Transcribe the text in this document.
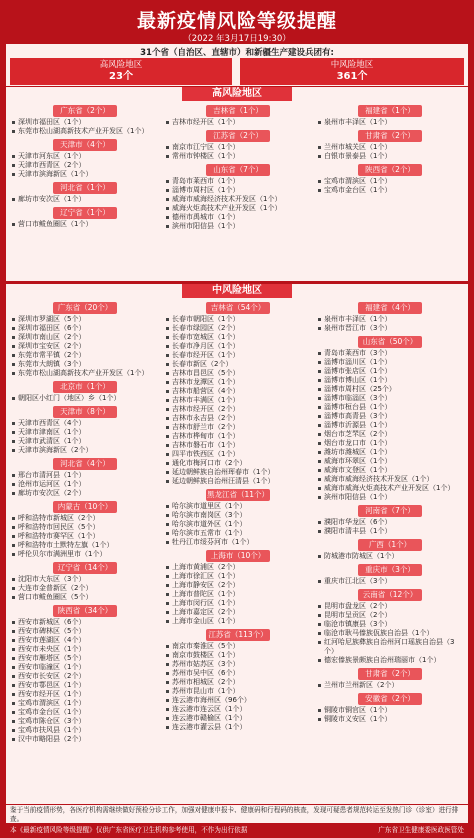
最新疫情风险等级提醒
（2022 年3月17日19:30）
31个省（自治区、直辖市）和新疆生产建设兵团有:
高风险地区
23个
中风险地区
361个
高风险地区
广东省（2个）
深圳市福田区（1个）
东莞市松山湖高新技术产业开发区（1个）
天津市（4个）
天津市河东区（1个）
天津市西青区（2个）
天津市滨海新区（1个）
河北省（1个）
廊坊市安次区（1个）
辽宁省（1个）
营口市鲅鱼圈区（1个）
吉林省（1个）
吉林市经开区（1个）
江苏省（2个）
南京市江宁区（1个）
常州市钟楼区（1个）
山东省（7个）
青岛市莱西市（1个）
淄博市周村区（1个）
威海市威海经济技术开发区（1个）
威海火炬高技术产业开发区（1个）
德州市禹城市（1个）
滨州市阳信县（1个）
福建省（1个）
泉州市丰泽区（1个）
甘肃省（2个）
兰州市城关区（1个）
白银市景泰县（1个）
陕西省（2个）
宝鸡市渭滨区（1个）
宝鸡市金台区（1个）
中风险地区
广东省（20个）
深圳市罗湖区（5个）
深圳市福田区（6个）
深圳市南山区（2个）
深圳市宝安区（2个）
东莞市常平镇（2个）
东莞市大朗镇（3个）
东莞市松山湖高新技术产业开发区（1个）
北京市（1个）
朝阳区小红门（地区）乡（1个）
天津市（8个）
天津市西青区（4个）
天津市津南区（1个）
天津市武清区（1个）
天津市滨海新区（2个）
河北省（4个）
邢台市清河县（1个）
沧州市运河区（1个）
廊坊市安次区（2个）
内蒙古（10个）
呼和浩特市新城区（2个）
呼和浩特市回民区（5个）
呼和浩特市赛罕区（1个）
呼和浩特市土默特左旗（1个）
呼伦贝尔市满洲里市（1个）
辽宁省（14个）
沈阳市大东区（3个）
大连市金普新区（2个）
营口市鲅鱼圈区（5个）
陕西省（34个）
西安市新城区（6个）
西安市碑林区（5个）
西安市莲湖区（4个）
西安市未央区（1个）
西安市雁塔区（5个）
西安市临潼区（1个）
西安市长安区（2个）
西安市鄠邑区（1个）
西安市经开区（1个）
宝鸡市渭滨区（1个）
宝鸡市金台区（1个）
宝鸡市陈仓区（3个）
宝鸡市扶风县（1个）
汉中市略阳县（2个）
吉林省（54个）
长春市朝阳区（1个）
长春市绿园区（2个）
长春市宽城区（1个）
长春市净月区（1个）
长春市经开区（1个）
长春市新区（2个）
吉林市昌邑区（5个）
吉林市龙潭区（1个）
吉林市船营区（4个）
吉林市丰满区（1个）
吉林市经开区（2个）
吉林市永吉县（2个）
吉林市舒兰市（2个）
吉林市桦甸市（1个）
吉林市磐石市（1个）
四平市铁西区（1个）
通化市梅河口市（2个）
延边朝鲜族自治州珲春市（1个）
延边朝鲜族自治州汪清县（1个）
黑龙江省（11个）
哈尔滨市道里区（1个）
哈尔滨市南岗区（3个）
哈尔滨市道外区（1个）
哈尔滨市五常市（1个）
牡丹江市绥芬河市（1个）
上海市（10个）
上海市黄浦区（2个）
上海市徐汇区（1个）
上海市静安区（2个）
上海市普陀区（1个）
上海市闵行区（1个）
上海市嘉定区（2个）
上海市金山区（1个）
江苏省（113个）
南京市秦淮区（5个）
南京市鼓楼区（1个）
苏州市姑苏区（3个）
苏州市吴中区（6个）
苏州市相城区（2个）
苏州市昆山市（1个）
连云港市海州区（96个）
连云港市连云区（1个）
连云港市赣榆区（1个）
连云港市灌云县（1个）
福建省（4个）
泉州市丰泽区（1个）
泉州市晋江市（3个）
山东省（50个）
青岛市莱西市（3个）
淄博市淄川区（1个）
淄博市张店区（1个）
淄博市博山区（1个）
淄博市周村区（25个）
淄博市临淄区（3个）
淄博市桓台县（1个）
淄博市高青县（3个）
淄博市沂源县（1个）
烟台市芝罘区（2个）
烟台市龙口市（1个）
潍坊市潍城区（1个）
威海市环翠区（1个）
威海市文登区（1个）
威海市威海经济技术开发区（1个）
威海市威海火炬高技术产业开发区（1个）
滨州市阳信县（1个）
河南省（7个）
濮阳市华龙区（6个）
濮阳市清丰县（1个）
广西（1个）
防城港市防城区（1个）
重庆市（3个）
重庆市江北区（3个）
云南省（12个）
昆明市盘龙区（2个）
昆明市呈贡区（2个）
临沧市镇康县（3个）
临沧市耿马傣族佤族自治县（1个）
红河哈尼族彝族自治州河口瑶族自治县（3个）
德宏傣族景颇族自治州瑞丽市（1个）
甘肃省（2个）
兰州市兰州新区（2个）
安徽省（2个）
铜陵市铜官区（1个）
铜陵市义安区（1个）
鉴于当前疫情形势，各医疗机构需继续做好预检分诊工作，加强对健康申报卡、健康码和行程码的核查，发现可疑患者规范转运至发热门诊（诊室）进行排查。
本《最新疫情风险等级提醒》仅供广东省医疗卫生机构参考使用，不作为出行依据	广东省卫生健康委医政医管处
